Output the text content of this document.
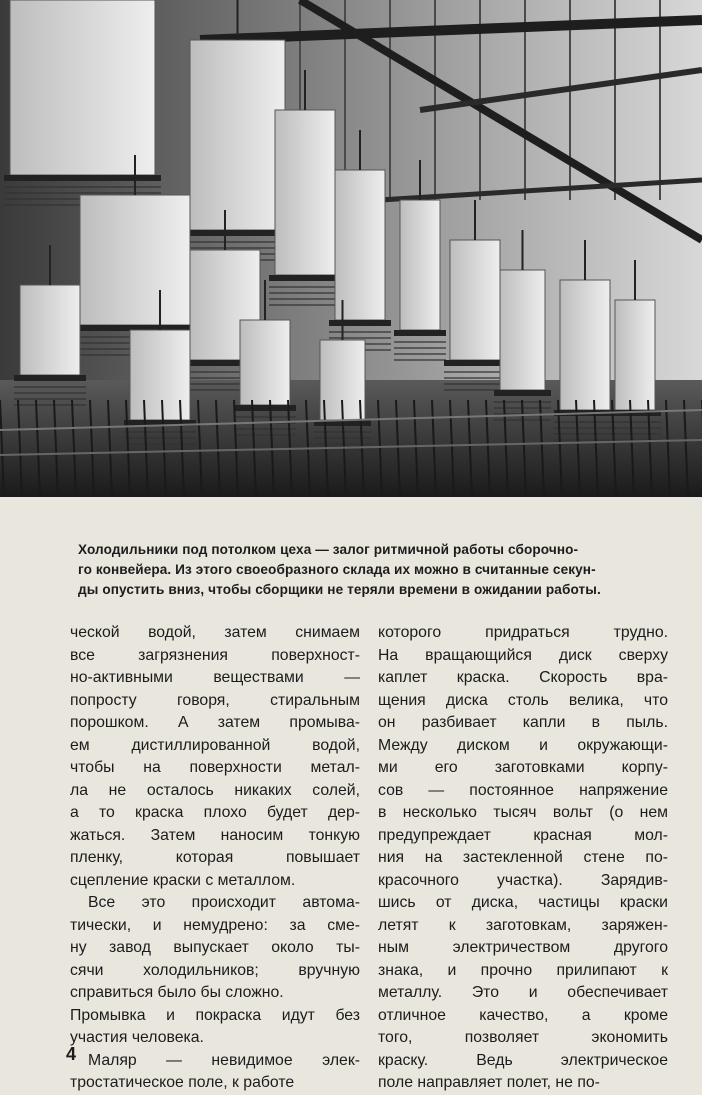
Холодильники под потолком цеха — залог ритмичной работы сборочно-
го конвейера. Из этого своеобразного склада их можно в считанные секун-
ды опустить вниз, чтобы сборщики не теряли времени в ожидании работы.
ческой водой, затем снимаем
все загрязнения поверхност-
но-активными веществами —
попросту говоря, стиральным
порошком. А затем промыва-
ем дистиллированной водой,
чтобы на поверхности метал-
ла не осталось никаких солей,
а то краска плохо будет дер-
жаться. Затем наносим тонкую
пленку, которая повышает
сцепление краски с металлом.
Все это происходит автома-
тически, и немудрено: за сме-
ну завод выпускает около ты-
сячи холодильников; вручную
справиться было бы сложно.
Промывка и покраска идут без
участия человека.
Маляр — невидимое элек-
тростатическое поле, к работе
которого придраться трудно.
На вращающийся диск сверху
каплет краска. Скорость вра-
щения диска столь велика, что
он разбивает капли в пыль.
Между диском и окружающи-
ми его заготовками корпу-
сов — постоянное напряжение
в несколько тысяч вольт (о нем
предупреждает красная мол-
ния на застекленной стене по-
красочного участка). Зарядив-
шись от диска, частицы краски
летят к заготовкам, заряжен-
ным электричеством другого
знака, и прочно прилипают к
металлу. Это и обеспечивает
отличное качество, а кроме
того, позволяет экономить
краску. Ведь электрическое
поле направляет полет, не по-
4
